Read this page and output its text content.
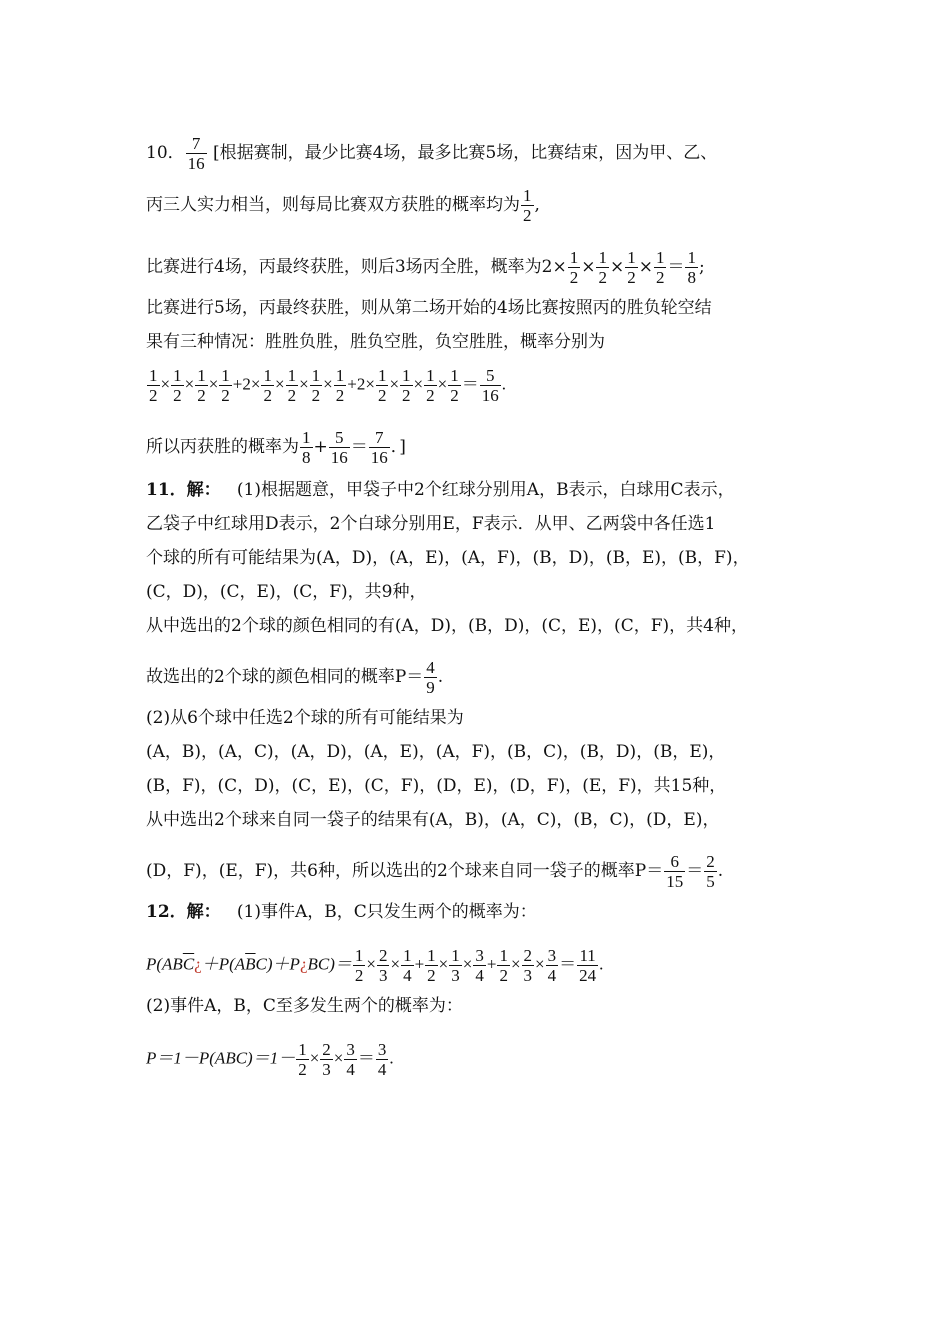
10． $\frac{7}{16}$ [根据赛制，最少比赛4场，最多比赛5场，比赛结束，因为甲、乙、
丙三人实力相当，则每局比赛双方获胜的概率均为 $\frac{1}{2}$ ,
比赛进行4场，丙最终获胜，则后3场丙全胜，概率为$2\times \frac{1}{2} \times \frac{1}{2} \times \frac{1}{2} \times \frac{1}{2} = \frac{1}{8}$ ;
比赛进行5场，丙最终获胜，则从第二场开始的4场比赛按照丙的胜负轮空结
果有三种情况：胜胜负胜，胜负空胜，负空胜胜，概率分别为
$\frac{1}{2} \times \frac{1}{2} \times \frac{1}{2} \times \frac{1}{2} +2\times \frac{1}{2} \times \frac{1}{2} \times \frac{1}{2} \times \frac{1}{2} +2\times \frac{1}{2} \times \frac{1}{2} \times \frac{1}{2} \times \frac{1}{2} = \frac{5}{16}$ .
所以丙获胜的概率为 $\frac{1}{8} + \frac{5}{16} = \frac{7}{16}$ ．]
11．解： (1)根据题意，甲袋子中2个红球分别用A，B表示，白球用C表示，
乙袋子中红球用D表示，2个白球分别用E，F表示．从甲、乙两袋中各任选1
个球的所有可能结果为(A，D)，(A，E)，(A，F)，(B，D)，(B，E)，(B，F)，
(C，D)，(C，E)，(C，F)，共9种，
从中选出的2个球的颜色相同的有(A，D)，(B，D)，(C，E)，(C，F)，共4种，
故选出的2个球的颜色相同的概率$P= \frac{4}{9}$ .
(2)从6个球中任选2个球的所有可能结果为
(A，B)，(A，C)，(A，D)，(A，E)，(A，F)，(B，C)，(B，D)，(B，E)，
(B，F)，(C，D)，(C，E)，(C，F)，(D，E)，(D，F)，(E，F)，共15种，
从中选出2个球来自同一袋子的结果有(A，B)，(A，C)，(B，C)，(D，E)，
(D，F)，(E，F)，共6种，所以选出的2个球来自同一袋子的概率$P= \frac{6}{15} = \frac{2}{5}$ .
12．解： (1)事件A，B，C只发生两个的概率为：
$P(AB\overline{C}¿+P(A\overline{B}C)+P¿BC)= \frac{1}{2} \times \frac{2}{3} \times \frac{1}{4} + \frac{1}{2} \times \frac{1}{3} \times \frac{3}{4} + \frac{1}{2} \times \frac{2}{3} \times \frac{3}{4} = \frac{11}{24}$ .
(2)事件A，B，C至多发生两个的概率为：
$P=1-P(ABC)=1- \frac{1}{2} \times \frac{2}{3} \times \frac{3}{4} = \frac{3}{4}$ .
